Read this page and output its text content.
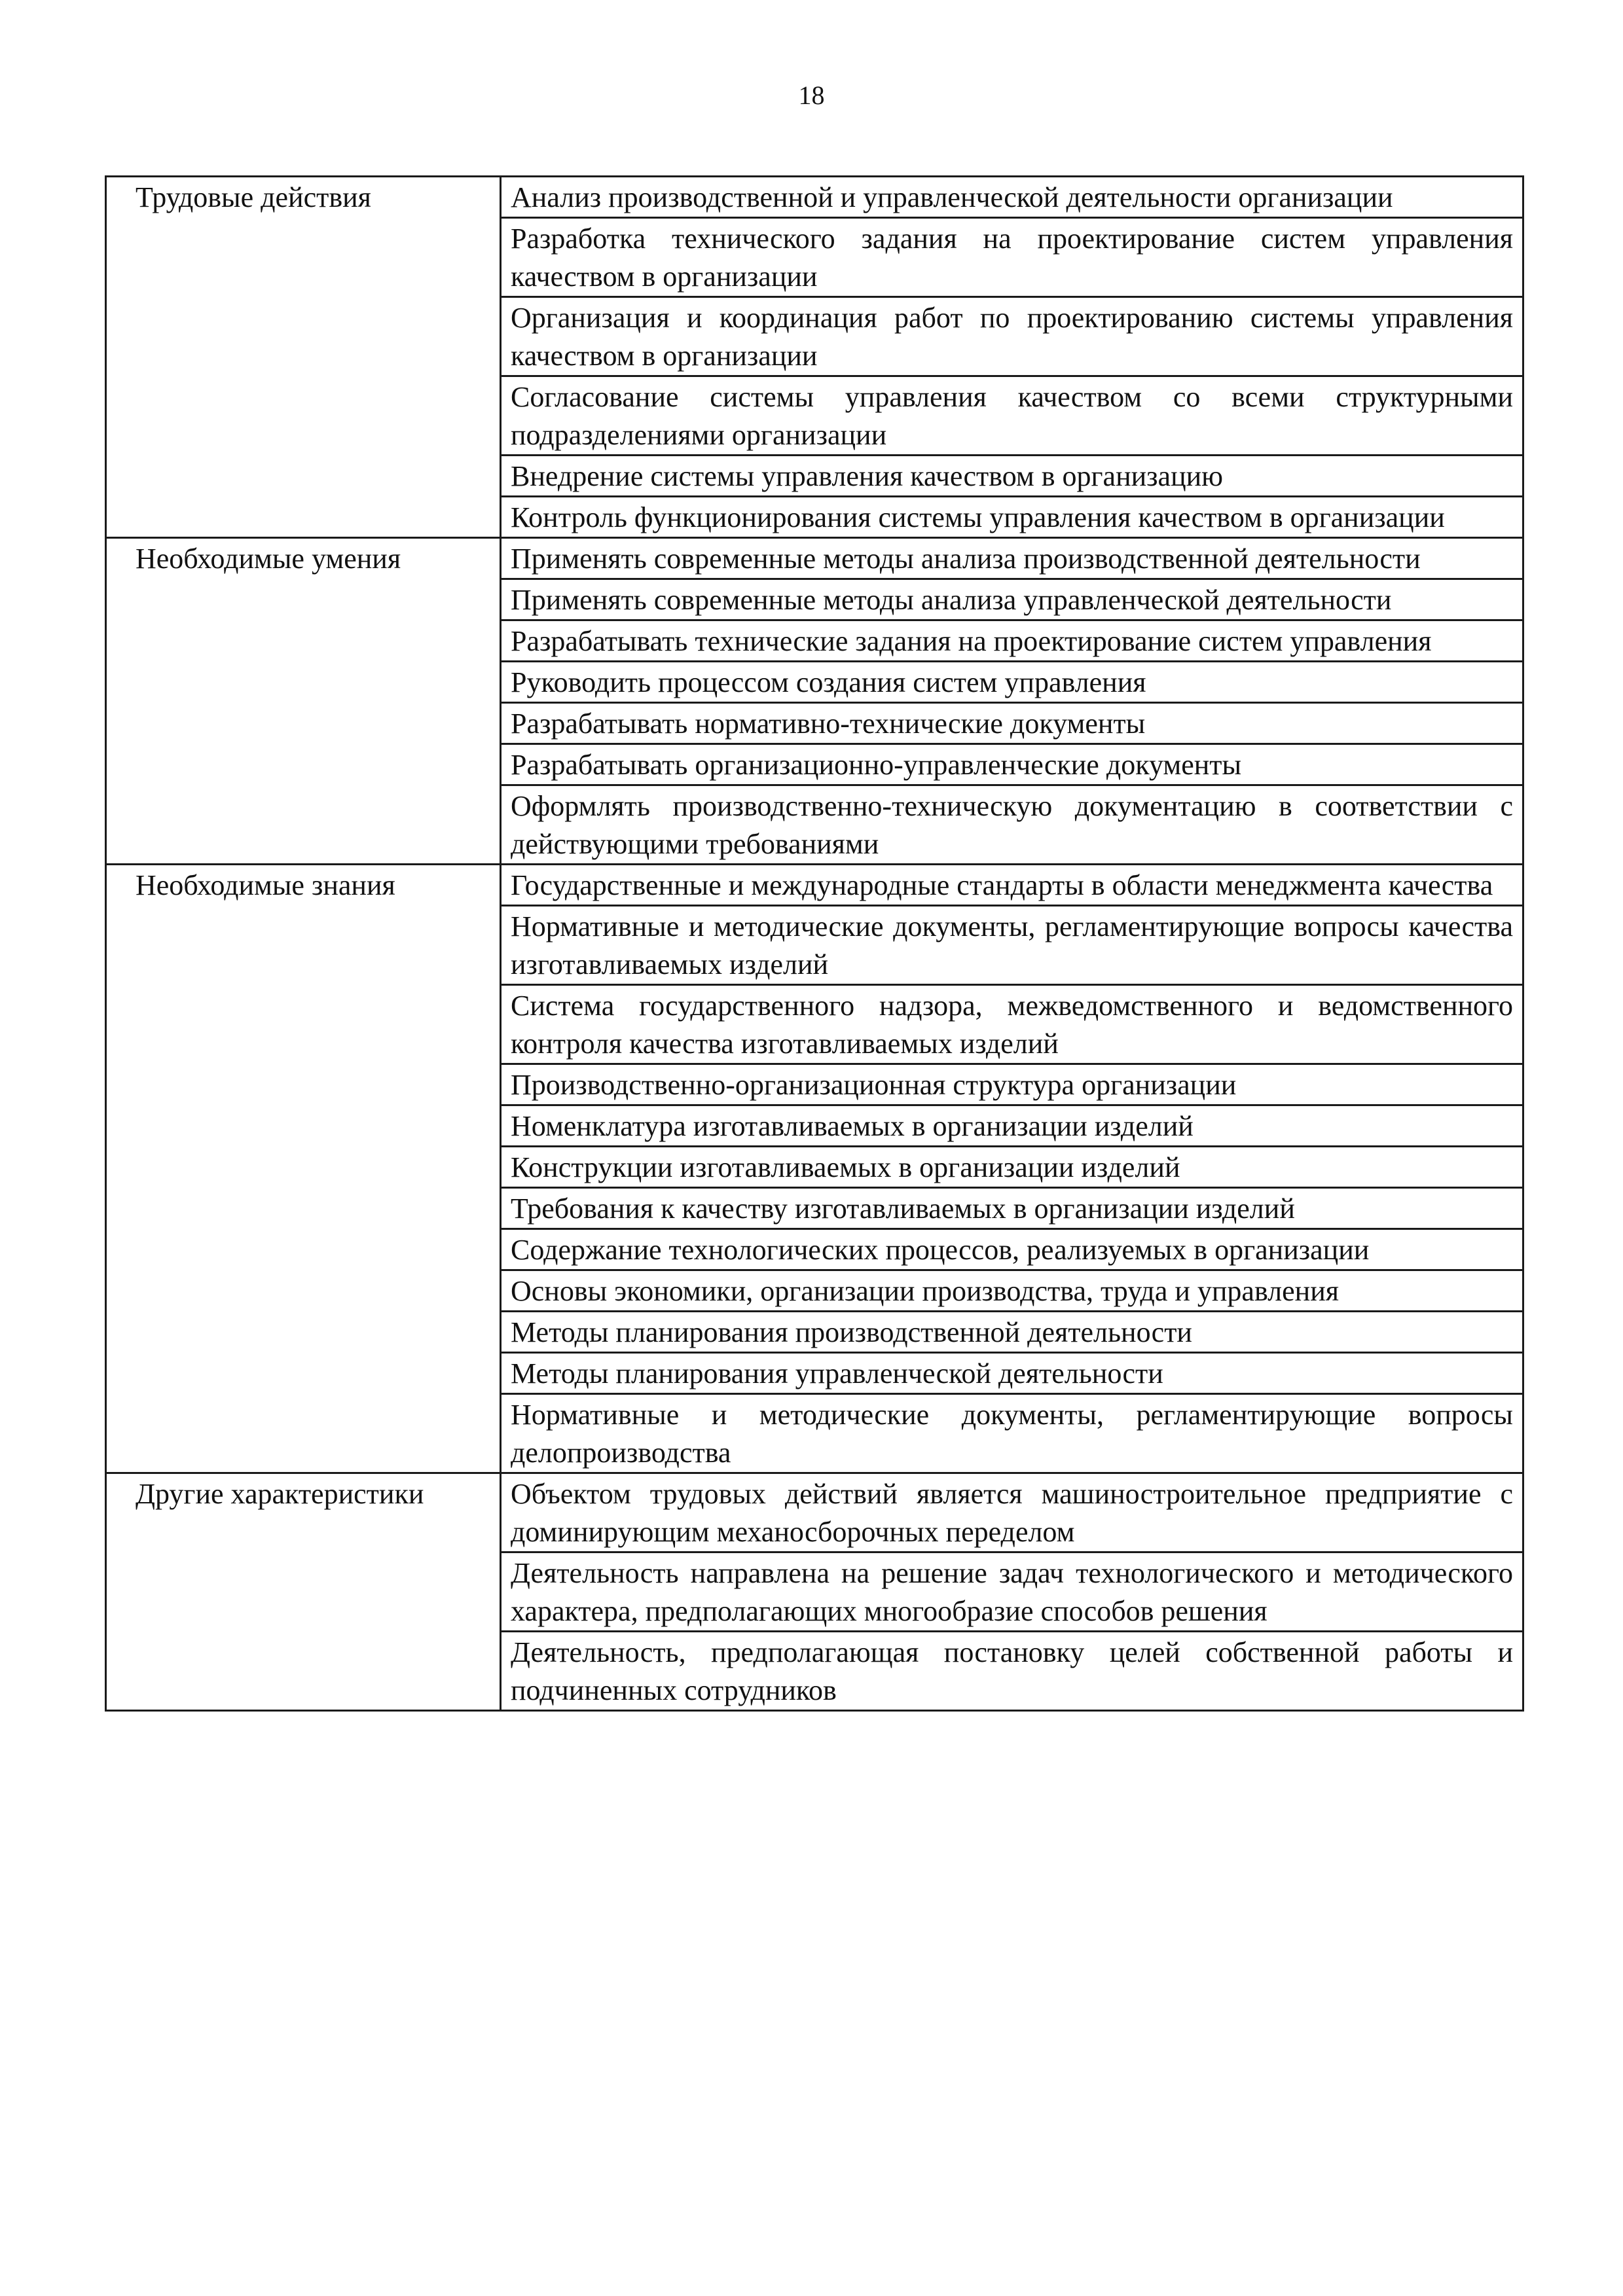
18
Трудовые действия	Анализ производственной и управленческой деятельности организации
	Разработка технического задания на проектирование систем управления качеством в организации
	Организация и координация работ по проектированию системы управления качеством в организации
	Согласование системы управления качеством со всеми структурными подразделениями организации
	Внедрение системы управления качеством в организацию
	Контроль функционирования системы управления качеством в организации
Необходимые умения	Применять современные методы анализа производственной деятельности
	Применять современные методы анализа управленческой деятельности
	Разрабатывать технические задания на проектирование систем управления
	Руководить процессом создания систем управления
	Разрабатывать нормативно-технические документы
	Разрабатывать организационно-управленческие документы
	Оформлять производственно-техническую документацию в соответствии с действующими требованиями
Необходимые знания	Государственные и международные стандарты в области менеджмента качества
	Нормативные и методические документы, регламентирующие вопросы качества изготавливаемых изделий
	Система государственного надзора, межведомственного и ведомственного контроля качества изготавливаемых изделий
	Производственно-организационная структура организации
	Номенклатура изготавливаемых в организации изделий
	Конструкции изготавливаемых в организации изделий
	Требования к качеству изготавливаемых в организации изделий
	Содержание технологических процессов, реализуемых в организации
	Основы экономики, организации производства, труда и управления
	Методы планирования производственной деятельности
	Методы планирования управленческой деятельности
	Нормативные и методические документы, регламентирующие вопросы делопроизводства
Другие характеристики	Объектом трудовых действий является машиностроительное предприятие с доминирующим механосборочных переделом
	Деятельность направлена на решение задач технологического и методического характера, предполагающих многообразие способов решения
	Деятельность, предполагающая постановку целей собственной работы и подчиненных сотрудников
